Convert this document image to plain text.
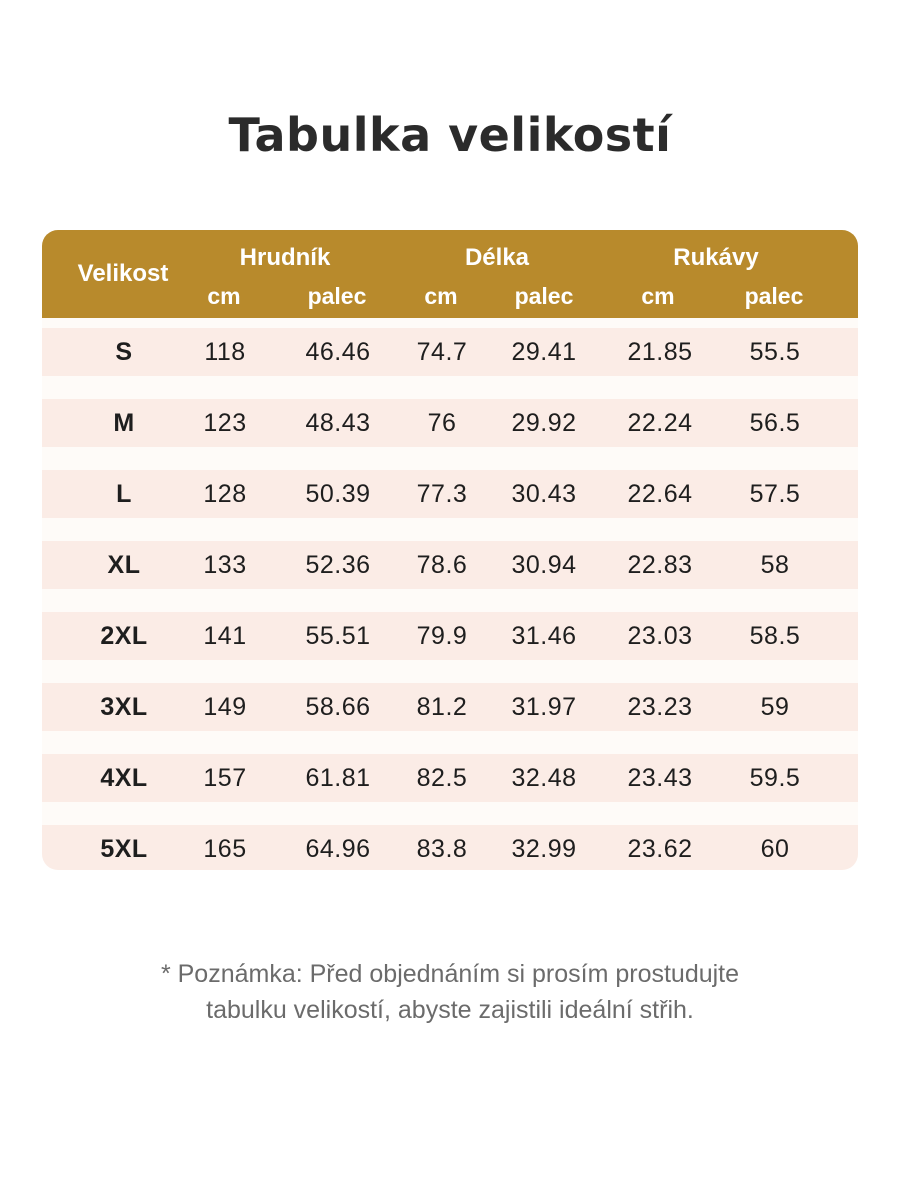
Tabulka velikostí
Velikost
Hrudník
cm	palec
Délka
cm	palec
Rukávy
cm	palec
S	118	46.46	74.7	29.41	21.85	55.5
M	123	48.43	76	29.92	22.24	56.5
L	128	50.39	77.3	30.43	22.64	57.5
XL	133	52.36	78.6	30.94	22.83	58
2XL	141	55.51	79.9	31.46	23.03	58.5
3XL	149	58.66	81.2	31.97	23.23	59
4XL	157	61.81	82.5	32.48	23.43	59.5
5XL	165	64.96	83.8	32.99	23.62	60
* Poznámka: Před objednáním si prosím prostudujte
tabulku velikostí, abyste zajistili ideální střih.
